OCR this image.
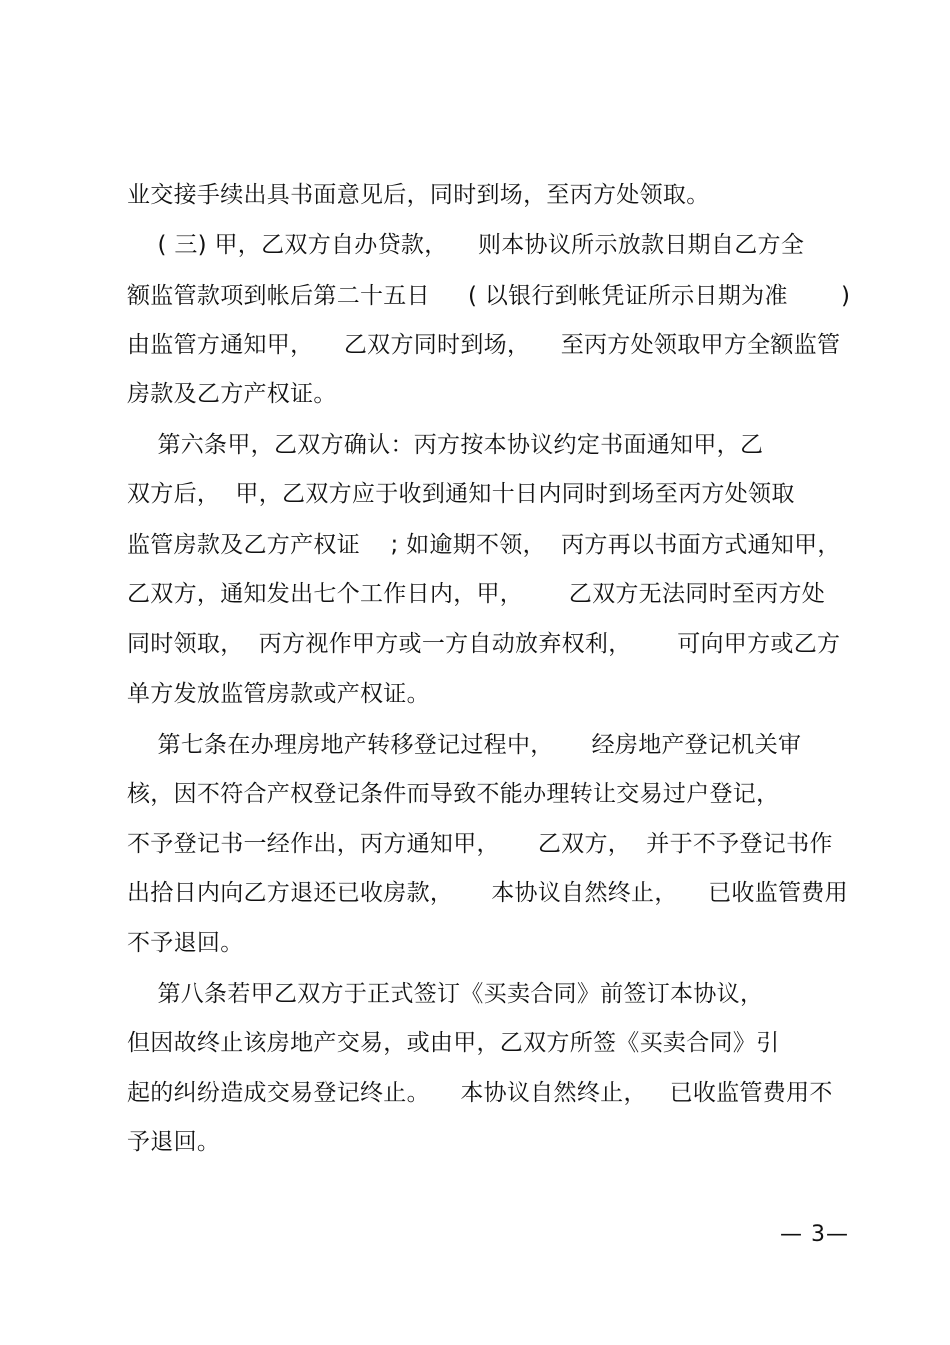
业交接手续出具书面意见后，同时到场，至丙方处领取。
( 三) 甲，乙双方自办贷款，    则本协议所示放款日期自乙方全
额监管款项到帐后第二十五日     ( 以银行到帐凭证所示日期为准       )
由监管方通知甲，    乙双方同时到场，    至丙方处领取甲方全额监管
房款及乙方产权证。
第六条甲，乙双方确认：丙方按本协议约定书面通知甲，乙
双方后，  甲，乙双方应于收到通知十日内同时到场至丙方处领取
监管房款及乙方产权证    ; 如逾期不领，  丙方再以书面方式通知甲，
乙双方，通知发出七个工作日内，甲，      乙双方无法同时至丙方处
同时领取，  丙方视作甲方或一方自动放弃权利，      可向甲方或乙方
单方发放监管房款或产权证。
第七条在办理房地产转移登记过程中，     经房地产登记机关审
核，因不符合产权登记条件而导致不能办理转让交易过户登记，
不予登记书一经作出，丙方通知甲，     乙双方，  并于不予登记书作
出拾日内向乙方退还已收房款，     本协议自然终止，    已收监管费用
不予退回。
第八条若甲乙双方于正式签订《买卖合同》前签订本协议，
但因故终止该房地产交易，或由甲，乙双方所签《买卖合同》引
起的纠纷造成交易登记终止。    本协议自然终止，   已收监管费用不
予退回。
— 3—
